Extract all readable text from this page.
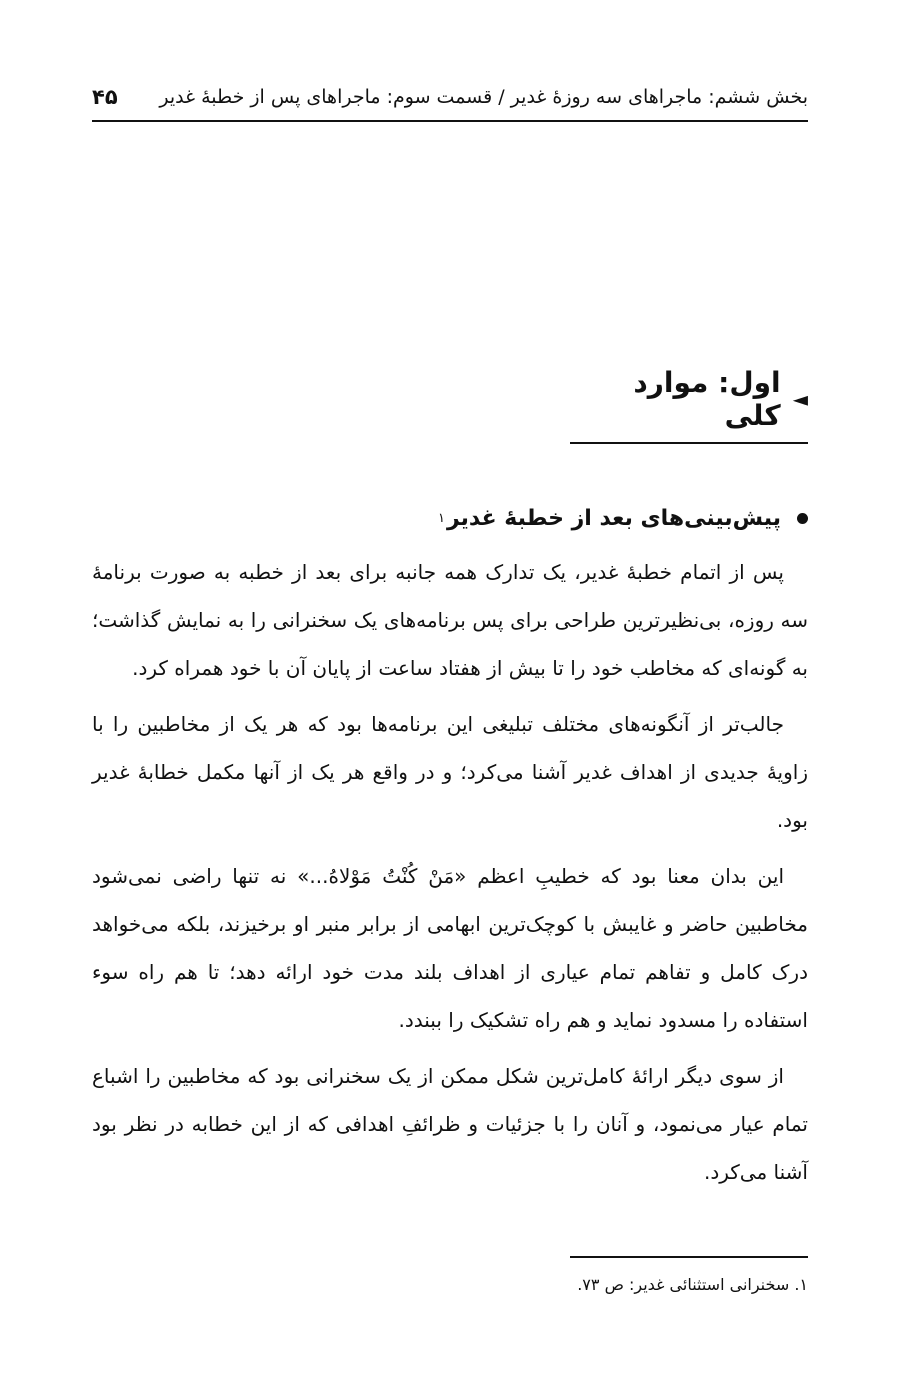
بخش ششم: ماجراهای سه روزهٔ غدیر / قسمت سوم: ماجراهای پس از خطبهٔ غدیر
۴۵
◄
اول: موارد کلی
پیش‌بینی‌های بعد از خطبهٔ غدیر
۱

پس از اتمام خطبهٔ غدیر، یک تدارک همه جانبه برای بعد از خطبه به صورت برنامهٔ سه روزه، بی‌نظیرترین طراحی برای پس برنامه‌های یک سخنرانی را به نمایش گذاشت؛ به گونه‌ای که مخاطب خود را تا بیش از هفتاد ساعت از پایان آن با خود همراه کرد.

جالب‌تر از آنگونه‌های مختلف تبلیغی این برنامه‌ها بود که هر یک از مخاطبین را با زاویهٔ جدیدی از اهداف غدیر آشنا می‌کرد؛ و در واقع هر یک از آنها مکمل خطابهٔ غدیر بود.

این بدان معنا بود که خطیبِ اعظم «مَنْ کُنْتُ مَوْلاهُ...» نه تنها راضی نمی‌شود مخاطبین حاضر و غایبش با کوچک‌ترین ابهامی از برابر منبر او برخیزند، بلکه می‌خواهد درک کامل و تفاهم تمام عیاری از اهداف بلند مدت خود ارائه دهد؛ تا هم راه سوء استفاده را مسدود نماید و هم راه تشکیک را ببندد.

از سوی دیگر ارائهٔ کامل‌ترین شکل ممکن از یک سخنرانی بود که مخاطبین را اشباع تمام عیار می‌نمود، و آنان را با جزئیات و ظرائفِ اهدافی که از این خطابه در نظر بود آشنا می‌کرد.

۱. سخنرانی استثنائی غدیر: ص ۷۳.
